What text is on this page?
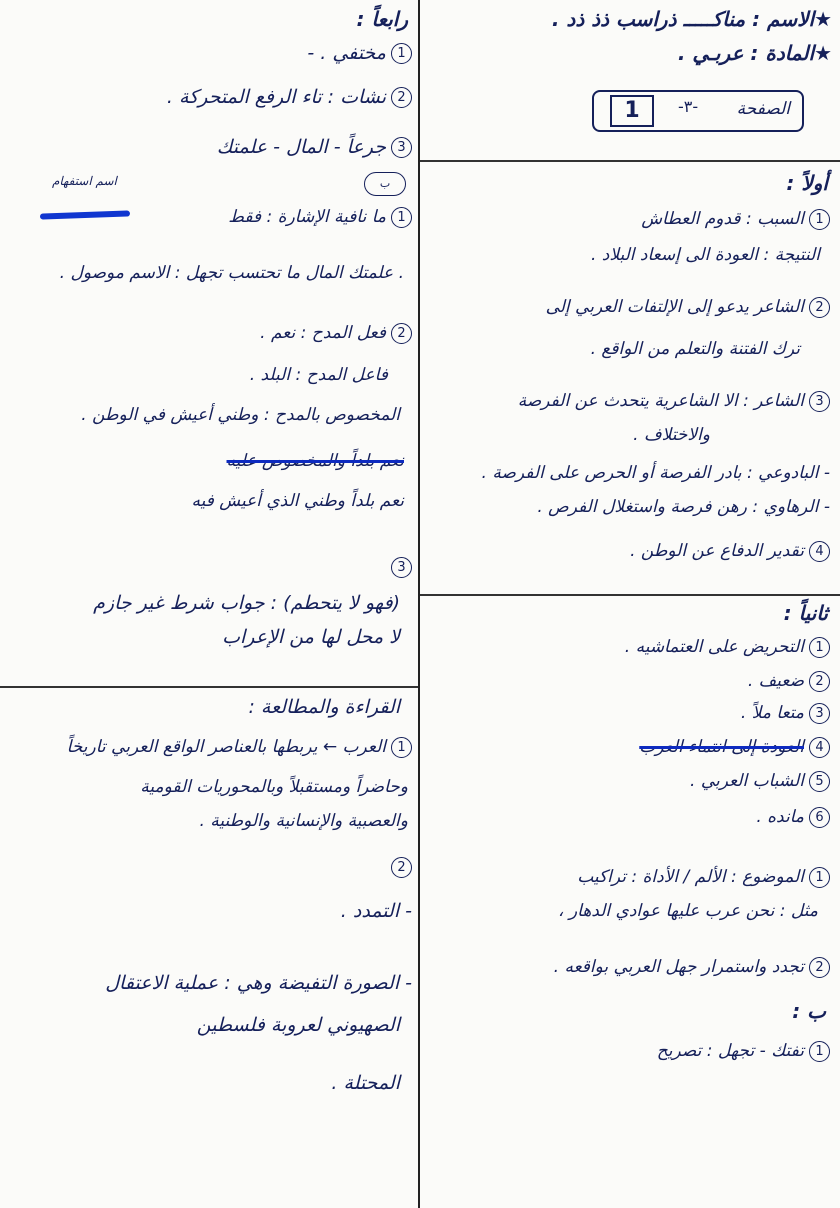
★الاسم : مناكـــــ ذراسب ذذ ذد .
★المادة : عربـي .
الصفحة
-٣-
1
أولاً :
1السبب : قدوم العطاش
النتيجة : العودة الى إسعاد البلاد .
2الشاعر يدعو إلى الإلتفات العربي إلى
ترك الفتنة والتعلم من الواقع .
3الشاعر : الا الشاعرية يتحدث عن الفرصة
والاختلاف .
- البادوعي : بادر الفرصة أو الحرص على الفرصة .
- الرهاوي : رهن فرصة واستغلال الفرص .
4تقدير الدفاع عن الوطن .
ثانياً :
1التحريض على العتماشيه .
2ضعيف .
3متعا ملاً .
4العودة إلى انتماء العرب
5الشباب العربي .
6مانده .
1الموضوع : الألم / الأداة : تراكيب
مثل : نحن عرب عليها عوادي الدهار ،
2تجدد واستمرار جهل العربي بواقعه .
ب :
1تفتك - تجهل : تصريح
رابعاً :
1مختفي . -
2نشات : تاء الرفع المتحركة .
3جرعاً - المال - علمتك
ب
اسم استفهام
1ما نافية الإشارة : فقط
. علمتك المال ما تحتسب تجهل : الاسم موصول .
2فعل المدح : نعم .
فاعل المدح : البلد .
المخصوص بالمدح : وطني أعيش في الوطن .
نعم بلداً والمخصوص عليه
نعم بلداً وطني الذي أعيش فيه
3
(فهو لا يتحطم) : جواب شرط غير جازم
لا محل لها من الإعراب
القراءة والمطالعة :
1العرب ← يربطها بالعناصر الواقع العربي تاريخاً
وحاضراً ومستقبلاً وبالمحوريات القومية
والعصبية والإنسانية والوطنية .
2
- التمدد .
- الصورة التفيضة وهي : عملية الاعتقال
الصهيوني لعروبة فلسطين
المحتلة .
